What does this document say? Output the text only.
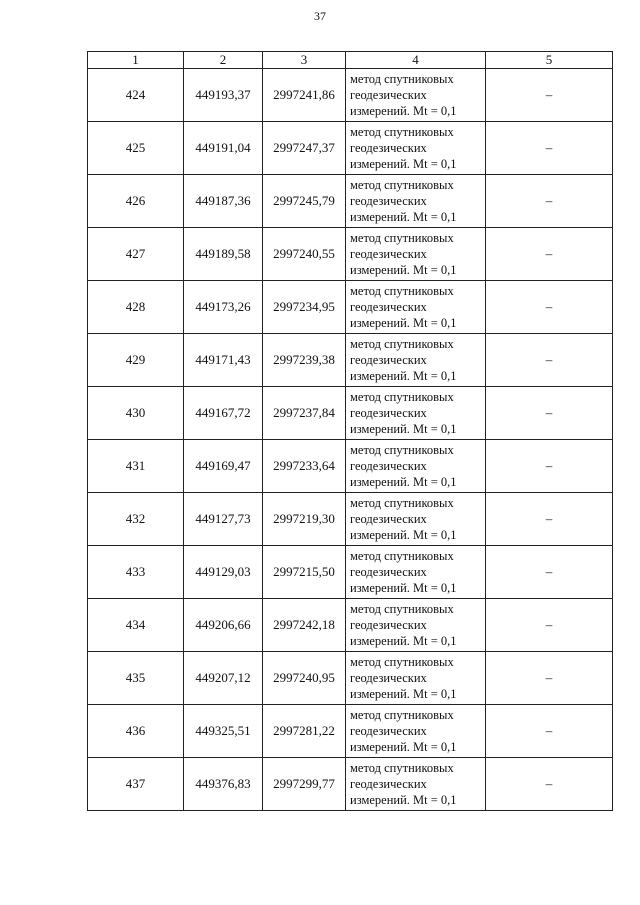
37
1	2	3	4	5
424	449193,37	2997241,86	метод спутниковых геодезических измерений. Mt = 0,1	–
425	449191,04	2997247,37	метод спутниковых геодезических измерений. Mt = 0,1	–
426	449187,36	2997245,79	метод спутниковых геодезических измерений. Mt = 0,1	–
427	449189,58	2997240,55	метод спутниковых геодезических измерений. Mt = 0,1	–
428	449173,26	2997234,95	метод спутниковых геодезических измерений. Mt = 0,1	–
429	449171,43	2997239,38	метод спутниковых геодезических измерений. Mt = 0,1	–
430	449167,72	2997237,84	метод спутниковых геодезических измерений. Mt = 0,1	–
431	449169,47	2997233,64	метод спутниковых геодезических измерений. Mt = 0,1	–
432	449127,73	2997219,30	метод спутниковых геодезических измерений. Mt = 0,1	–
433	449129,03	2997215,50	метод спутниковых геодезических измерений. Mt = 0,1	–
434	449206,66	2997242,18	метод спутниковых геодезических измерений. Mt = 0,1	–
435	449207,12	2997240,95	метод спутниковых геодезических измерений. Mt = 0,1	–
436	449325,51	2997281,22	метод спутниковых геодезических измерений. Mt = 0,1	–
437	449376,83	2997299,77	метод спутниковых геодезических измерений. Mt = 0,1	–
